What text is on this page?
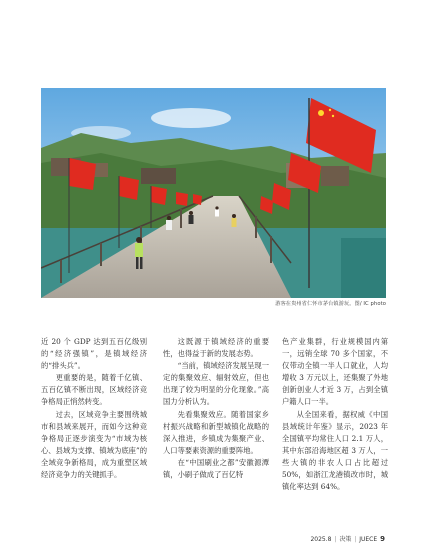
游客在贵州省仁怀市茅台镇游玩。图/ IC photo

近 20 个 GDP 达到五百亿级别的“经济强镇”，是镇域经济的“排头兵”。

更重要的是，随着千亿镇、五百亿镇不断出现，区域经济竞争格局正悄然转变。

过去，区域竞争主要围绕城市和县域来展开，而如今这种竞争格局正逐步演变为“市域为核心、县域为支撑、镇域为底座”的全域竞争新格局，成为重塑区域经济竞争力的关键抓手。

这既源于镇域经济的重要性，也得益于新的发展态势。

“当前，镇域经济发展呈现一定的集聚效应、辐射效应，但也出现了较为明显的分化现象。”高国力分析认为。

先看集聚效应。随着国家乡村振兴战略和新型城镇化战略的深入推进，乡镇成为集聚产业、人口等要素资源的重要阵地。

在“中国刷业之都”安徽源潭镇，小刷子做成了百亿特

色产业集群，行业规模国内第一，远销全球 70 多个国家，不仅带动全镇一半人口就业，人均增收 3 万元以上，还集聚了外地创新创业人才近 3 万，占到全镇户籍人口一半。

从全国来看，据权威《中国县域统计年鉴》显示，2023 年全国镇平均常住人口 2.1 万人，其中东部沿海地区超 3 万人，一些大镇的非农人口占比超过 50%，如浙江龙港镇改市时，城镇化率达到 64%。

2025.8 | 决策 | JUECE 9
